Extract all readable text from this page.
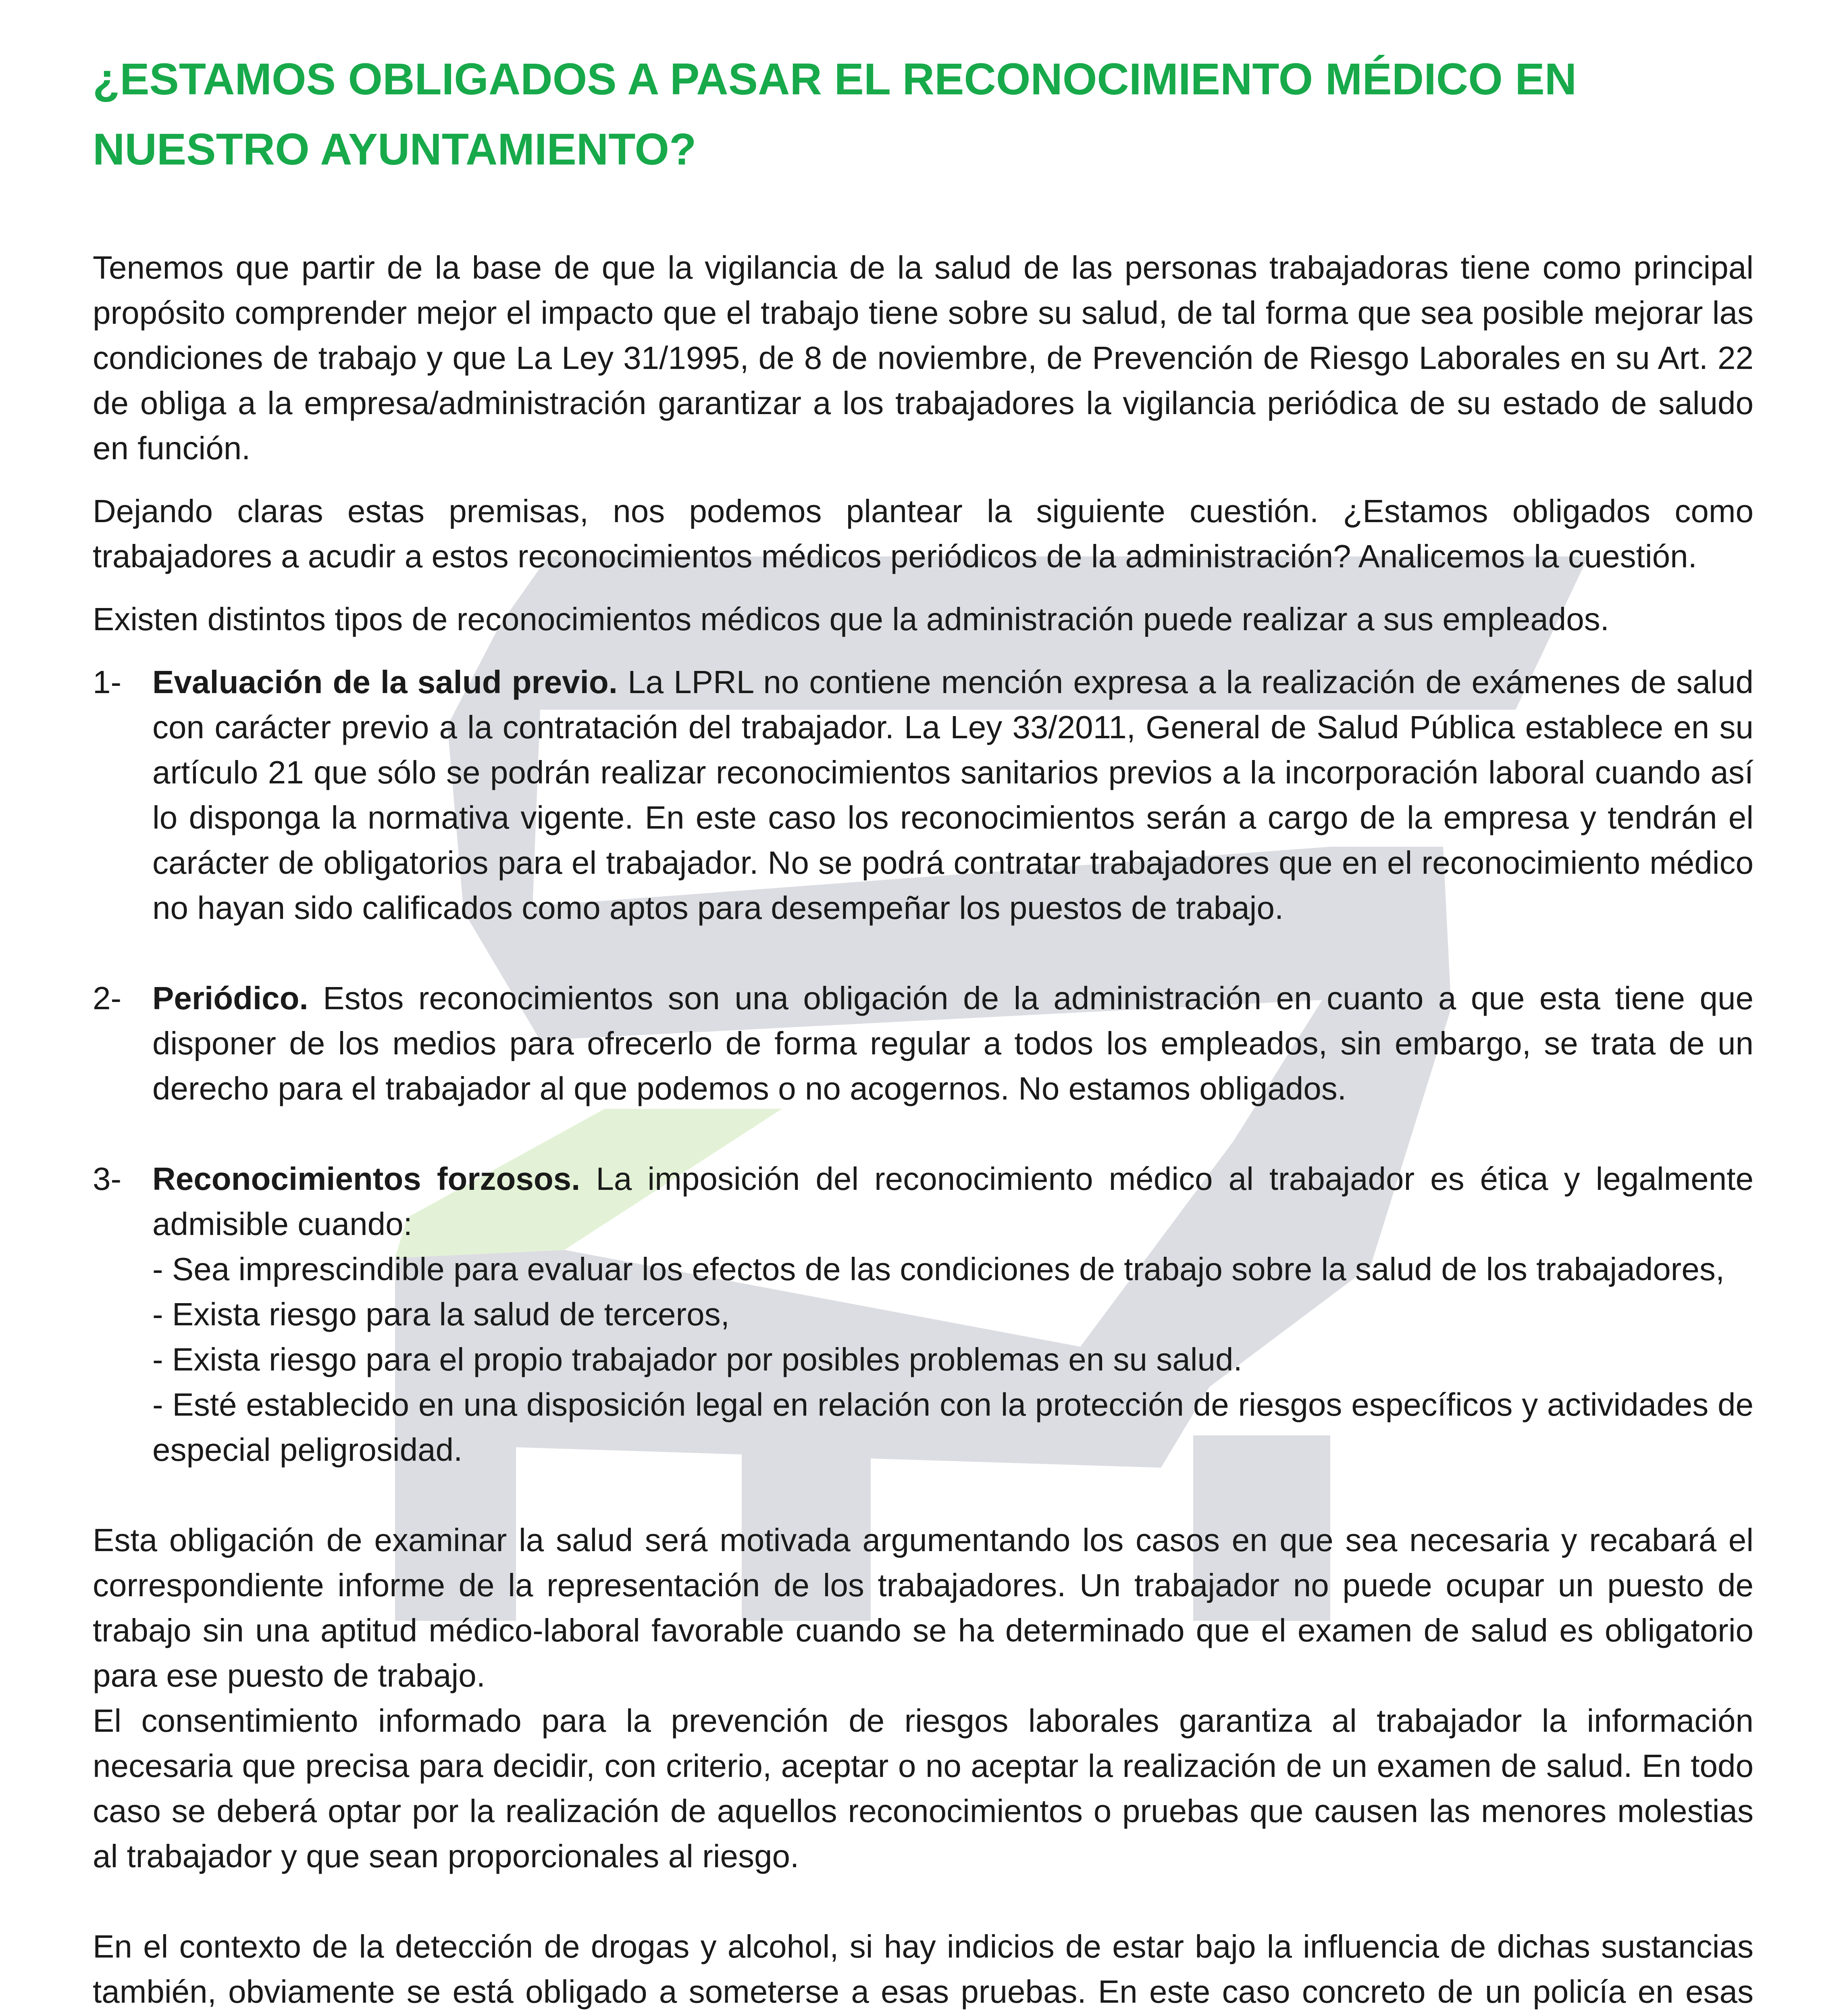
¿ESTAMOS OBLIGADOS A PASAR EL RECONOCIMIENTO MÉDICO EN NUESTRO AYUNTAMIENTO?

Tenemos que partir de la base de que la vigilancia de la salud de las personas trabajadoras tiene como principal propósito comprender mejor el impacto que el trabajo tiene sobre su salud, de tal forma que sea posible mejorar las condiciones de trabajo y que La Ley 31/1995, de 8 de noviembre, de Prevención de Riesgo Laborales en su Art. 22 de obliga a la empresa/administración garantizar a los trabajadores la vigilancia periódica de su estado de saludo en función.

Dejando claras estas premisas, nos podemos plantear la siguiente cuestión. ¿Estamos obligados como trabajadores a acudir a estos reconocimientos médicos periódicos de la administración? Analicemos la cuestión.

Existen distintos tipos de reconocimientos médicos que la administración puede realizar a sus empleados.

1- Evaluación de la salud previo. La LPRL no contiene mención expresa a la realización de exámenes de salud con carácter previo a la contratación del trabajador. La Ley 33/2011, General de Salud Pública establece en su artículo 21 que sólo se podrán realizar reconocimientos sanitarios previos a la incorporación laboral cuando así lo disponga la normativa vigente. En este caso los reconocimientos serán a cargo de la empresa y tendrán el carácter de obligatorios para el trabajador. No se podrá contratar trabajadores que en el reconocimiento médico no hayan sido calificados como aptos para desempeñar los puestos de trabajo.

2- Periódico. Estos reconocimientos son una obligación de la administración en cuanto a que esta tiene que disponer de los medios para ofrecerlo de forma regular a todos los empleados, sin embargo, se trata de un derecho para el trabajador al que podemos o no acogernos. No estamos obligados.

3- Reconocimientos forzosos. La imposición del reconocimiento médico al trabajador es ética y legalmente admisible cuando:

- Sea imprescindible para evaluar los efectos de las condiciones de trabajo sobre la salud de los trabajadores,

- Exista riesgo para la salud de terceros,

- Exista riesgo para el propio trabajador por posibles problemas en su salud.

- Esté establecido en una disposición legal en relación con la protección de riesgos específicos y actividades de especial peligrosidad.

Esta obligación de examinar la salud será motivada argumentando los casos en que sea necesaria y recabará el correspondiente informe de la representación de los trabajadores. Un trabajador no puede ocupar un puesto de trabajo sin una aptitud médico-laboral favorable cuando se ha determinado que el examen de salud es obligatorio para ese puesto de trabajo.

El consentimiento informado para la prevención de riesgos laborales garantiza al trabajador la información necesaria que precisa para decidir, con criterio, aceptar o no aceptar la realización de un examen de salud. En todo caso se deberá optar por la realización de aquellos reconocimientos o pruebas que causen las menores molestias al trabajador y que sean proporcionales al riesgo.

En el contexto de la detección de drogas y alcohol, si hay indicios de estar bajo la influencia de dichas sustancias también, obviamente se está obligado a someterse a esas pruebas. En este caso concreto de un policía en esas
